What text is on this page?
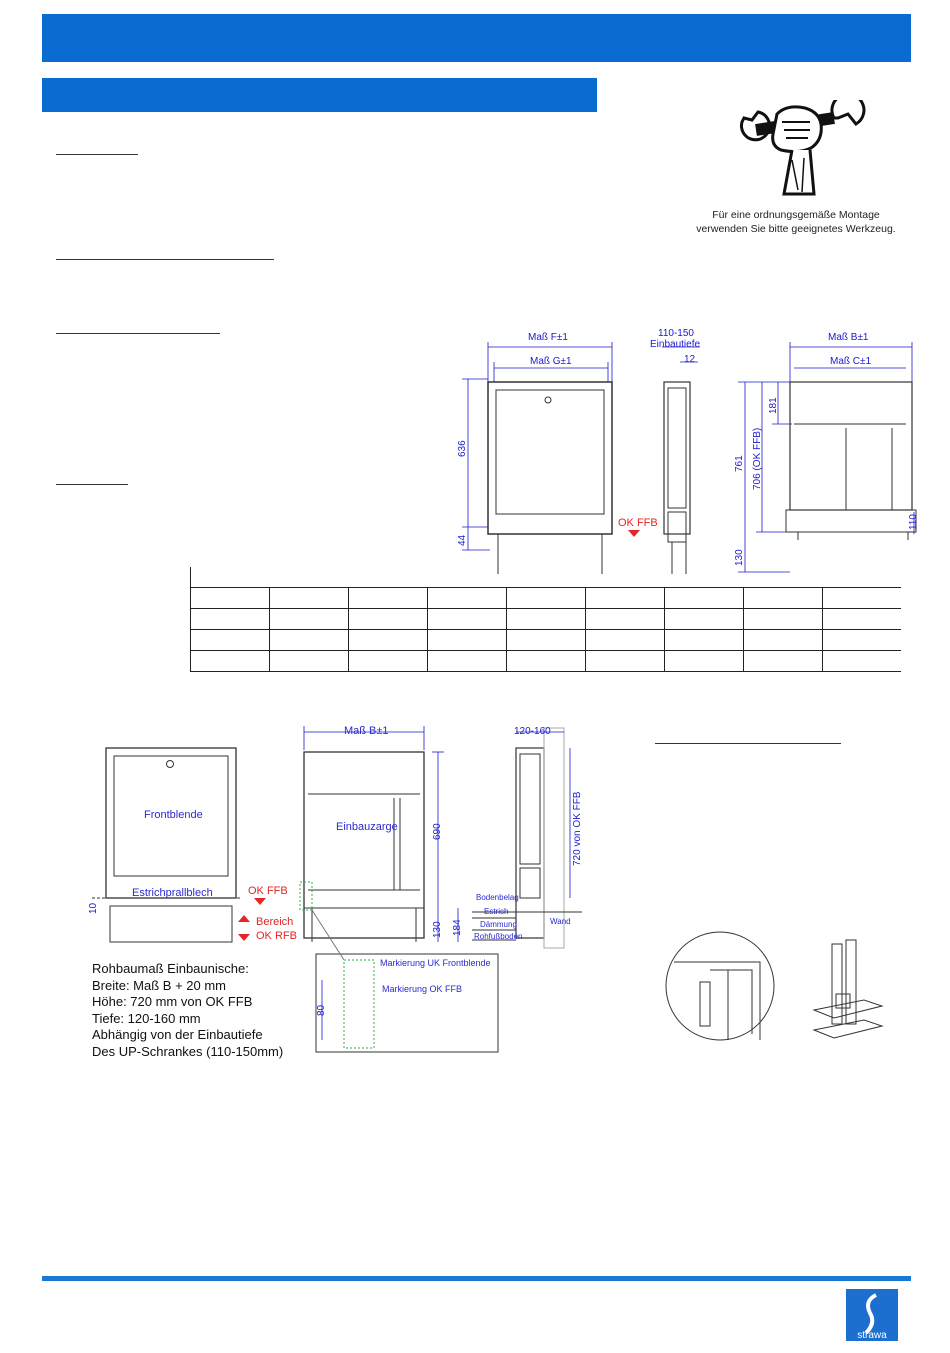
Für eine ordnungsgemäße Montage
verwenden Sie bitte geeignetes Werkzeug.
Maß F±1
Maß G±1
636
44
110-150
Einbautiefe
12
Maß B±1
Maß C±1
761 706 (OK FFB)
181
130
110
OK FFB

Frontblende
Estrichprallblech
10
OK FFB
Bereich
OK RFB
Maß B±1
Einbauzarge	690
184
130
120-160
720 von OK FFB
Bodenbelag
Estrich
Dämmung
Rohfußboden
Wand
Markierung UK Frontblende
Markierung OK FFB
80
Rohbaumaß Einbaunische:
Breite: Maß B + 20 mm
Höhe: 720 mm von OK FFB
Tiefe: 120-160 mm
Abhängig von der Einbautiefe
Des UP-Schrankes (110-150mm)
strawa
